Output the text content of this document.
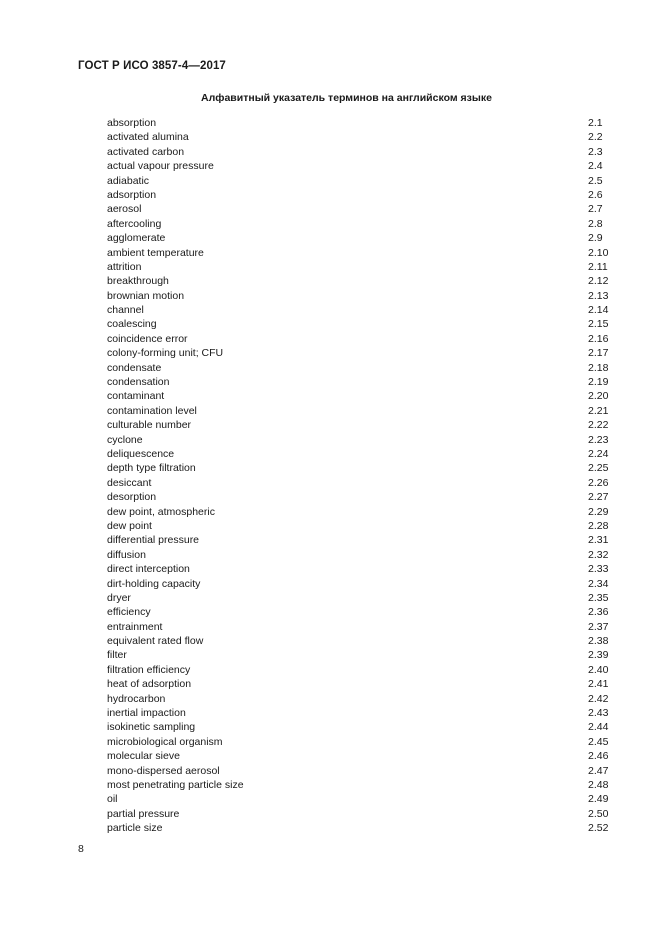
ГОСТ Р ИСО 3857-4—2017
Алфавитный указатель терминов на английском языке
absorption	2.1
activated alumina	2.2
activated carbon	2.3
actual vapour pressure	2.4
adiabatic	2.5
adsorption	2.6
aerosol	2.7
aftercooling	2.8
agglomerate	2.9
ambient temperature	2.10
attrition	2.11
breakthrough	2.12
brownian motion	2.13
channel	2.14
coalescing	2.15
coincidence error	2.16
colony-forming unit; CFU	2.17
condensate	2.18
condensation	2.19
contaminant	2.20
contamination level	2.21
culturable number	2.22
cyclone	2.23
deliquescence	2.24
depth type filtration	2.25
desiccant	2.26
desorption	2.27
dew point, atmospheric	2.29
dew point	2.28
differential pressure	2.31
diffusion	2.32
direct interception	2.33
dirt-holding capacity	2.34
dryer	2.35
efficiency	2.36
entrainment	2.37
equivalent rated flow	2.38
filter	2.39
filtration efficiency	2.40
heat of adsorption	2.41
hydrocarbon	2.42
inertial impaction	2.43
isokinetic sampling	2.44
microbiological organism	2.45
molecular sieve	2.46
mono-dispersed aerosol	2.47
most penetrating particle size	2.48
oil	2.49
partial pressure	2.50
particle size	2.52
8
